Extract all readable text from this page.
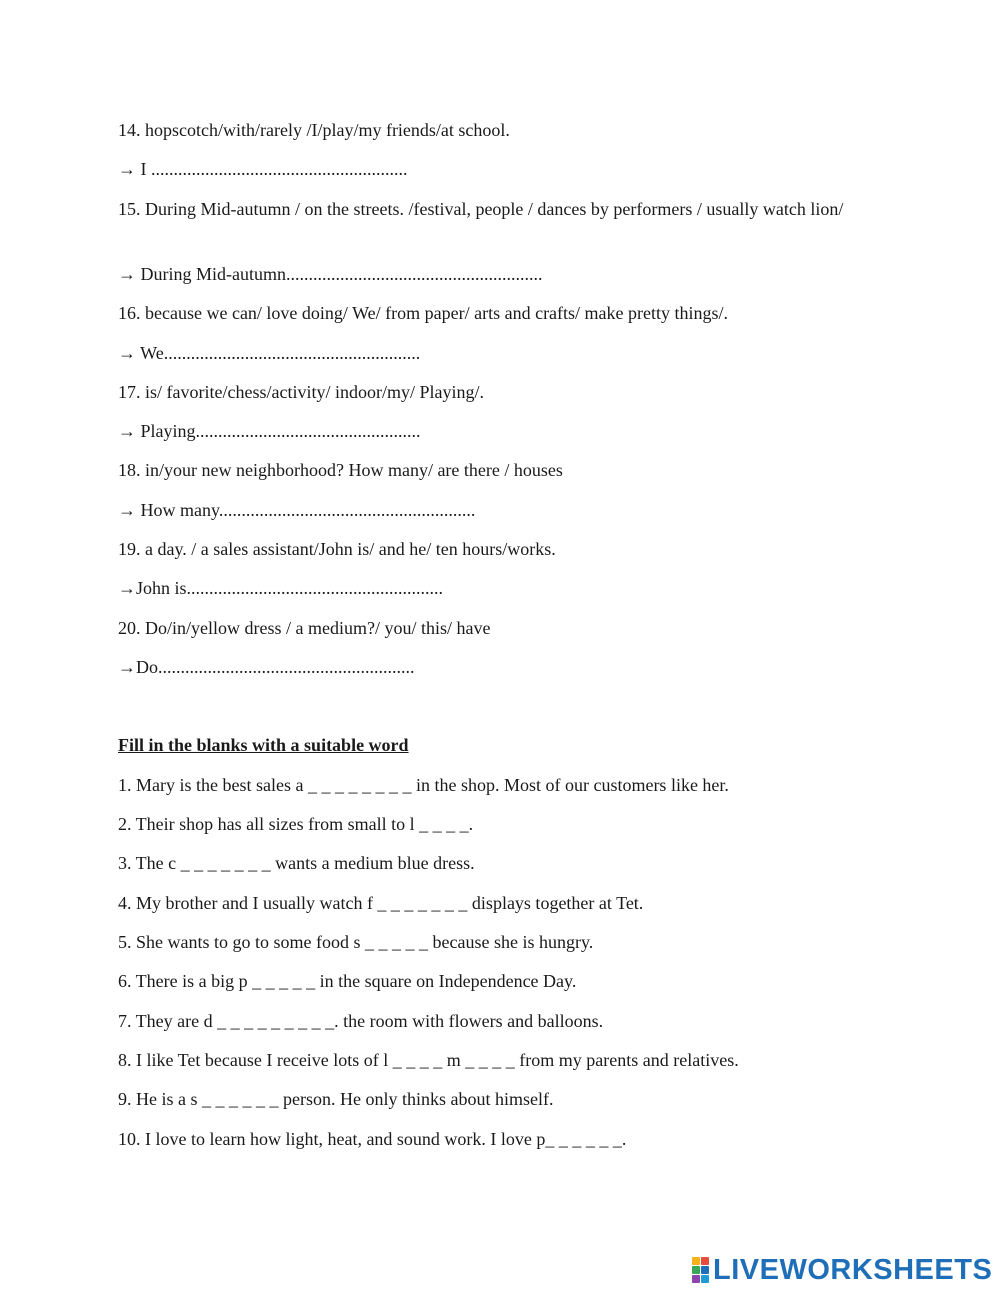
14. hopscotch/with/rarely /I/play/my friends/at school.
→ I .........................................................
15. During Mid-autumn / on the streets. /festival, people / dances by performers / usually watch lion/
→ During Mid-autumn.........................................................
16. because we can/ love doing/ We/ from paper/ arts and crafts/ make pretty things/.
→ We.........................................................
17. is/ favorite/chess/activity/ indoor/my/ Playing/.
→ Playing..................................................
18. in/your new neighborhood? How many/ are there / houses
→ How many.........................................................
19. a day. / a sales assistant/John is/ and he/ ten hours/works.
→John is.........................................................
20. Do/in/yellow dress / a medium?/ you/ this/ have
→Do.........................................................
Fill in the blanks with a suitable word
1. Mary is the best sales a _ _ _ _ _ _ _ _ in the shop. Most of our customers like her.
2. Their shop has all sizes from small to l _ _ _ _.
3. The c _ _ _ _ _ _ _ wants a medium blue dress.
4. My brother and I usually watch f _ _ _ _ _ _ _ displays together at Tet.
5. She wants to go to some food s _ _ _ _ _ because she is hungry.
6. There is a big p _ _ _ _ _ in the square on Independence Day.
7. They are d _ _ _ _ _ _ _ _ _. the room with flowers and balloons.
8. I like Tet because I receive lots of l _ _ _ _ m _ _ _ _ from my parents and relatives.
9. He is a s _ _ _ _ _ _ person. He only thinks about himself.
10. I love to learn how light, heat, and sound work. I love p_ _ _ _ _ _.
LIVEWORKSHEETS
